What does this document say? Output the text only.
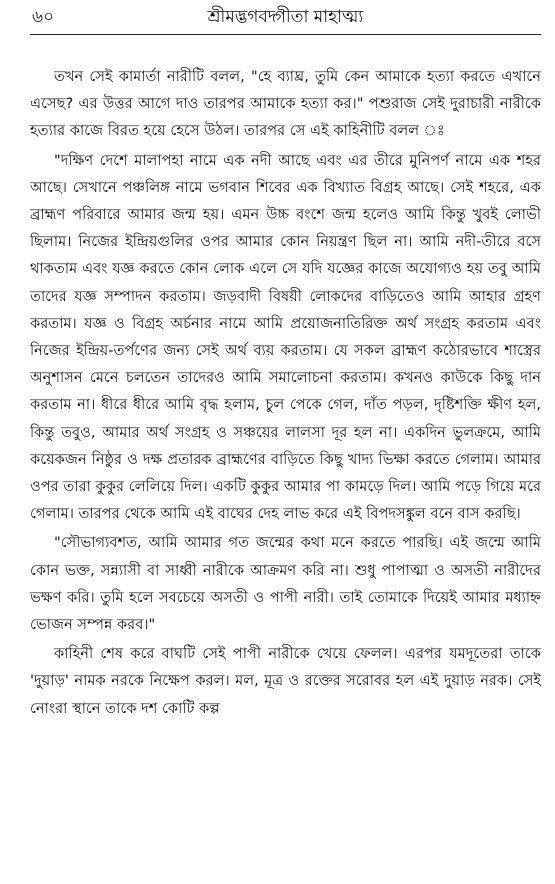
৬০	শ্রীমদ্ভগবদ্গীতা মাহাত্ম্য

তখন সেই কামার্তা নারীটি বলল, "হে ব্যাঘ্র, তুমি কেন আমাকে হত্যা করতে এখানে এসেছ? এর উত্তর আগে দাও তারপর আমাকে হত্যা কর।" পশুরাজ সেই দুরাচারী নারীকে হত্যার কাজে বিরত হয়ে হেসে উঠল। তারপর সে এই কাহিনীটি বলল ঃ

"দক্ষিণ দেশে মালাপহা নামে এক নদী আছে এবং এর তীরে মুনিপর্ণ নামে এক শহর আছে। সেখানে পঞ্চলিঙ্গ নামে ভগবান শিবের এক বিখ্যাত বিগ্রহ আছে। সেই শহরে, এক ব্রাহ্মণ পরিবারে আমার জন্ম হয়। এমন উচ্চ বংশে জন্ম হলেও আমি কিন্তু খুবই লোভী ছিলাম। নিজের ইন্দ্রিয়গুলির ওপর আমার কোন নিয়ন্ত্রণ ছিল না। আমি নদী-তীরে বসে থাকতাম এবং যজ্ঞ করতে কোন লোক এলে সে যদি যজ্ঞের কাজে অযোগ্যও হয় তবু আমি তাদের যজ্ঞ সম্পাদন করতাম। জড়বাদী বিষয়ী লোকদের বাড়িতেও আমি আহার গ্রহণ করতাম। যজ্ঞ ও বিগ্রহ অর্চনার নামে আমি প্রয়োজনাতিরিক্ত অর্থ সংগ্রহ করতাম এবং নিজের ইন্দ্রিয়-তর্পণের জন্য সেই অর্থ ব্যয় করতাম। যে সকল ব্রাহ্মণ কঠোরভাবে শাস্ত্রের অনুশাসন মেনে চলতেন তাদেরও আমি সমালোচনা করতাম। কখনও কাউকে কিছু দান করতাম না। ধীরে ধীরে আমি বৃদ্ধ হলাম, চুল পেকে গেল, দাঁত পড়ল, দৃষ্টিশক্তি ক্ষীণ হল, কিন্তু তবুও, আমার অর্থ সংগ্রহ ও সঞ্চয়ের লালসা দূর হল না। একদিন ভুলক্রমে, আমি কয়েকজন নিষ্ঠুর ও দক্ষ প্রতারক ব্রাহ্মণের বাড়িতে কিছু খাদ্য ভিক্ষা করতে গেলাম। আমার ওপর তারা কুকুর লেলিয়ে দিল। একটি কুকুর আমার পা কামড়ে দিল। আমি পড়ে গিয়ে মরে গেলাম। তারপর থেকে আমি এই বাঘের দেহ লাভ করে এই বিপদসঙ্কুল বনে বাস করছি।

"সৌভাগ্যবশত, আমি আমার গত জন্মের কথা মনে করতে পারছি। এই জন্মে আমি কোন ভক্ত, সন্ন্যাসী বা সাধ্বী নারীকে আক্রমণ করি না। শুধু পাপাত্মা ও অসতী নারীদের ভক্ষণ করি। তুমি হলে সবচেয়ে অসতী ও পাপী নারী। তাই তোমাকে দিয়েই আমার মধ্যাহ্ন ভোজন সম্পন্ন করব।"

কাহিনী শেষ করে বাঘটি সেই পাপী নারীকে খেয়ে ফেলল। এরপর যমদূতেরা তাকে 'দুয়াড়' নামক নরকে নিক্ষেপ করল। মল, মূত্র ও রক্তের সরোবর হল এই দুয়াড় নরক। সেই নোংরা স্থানে তাকে দশ কোটি কল্প
